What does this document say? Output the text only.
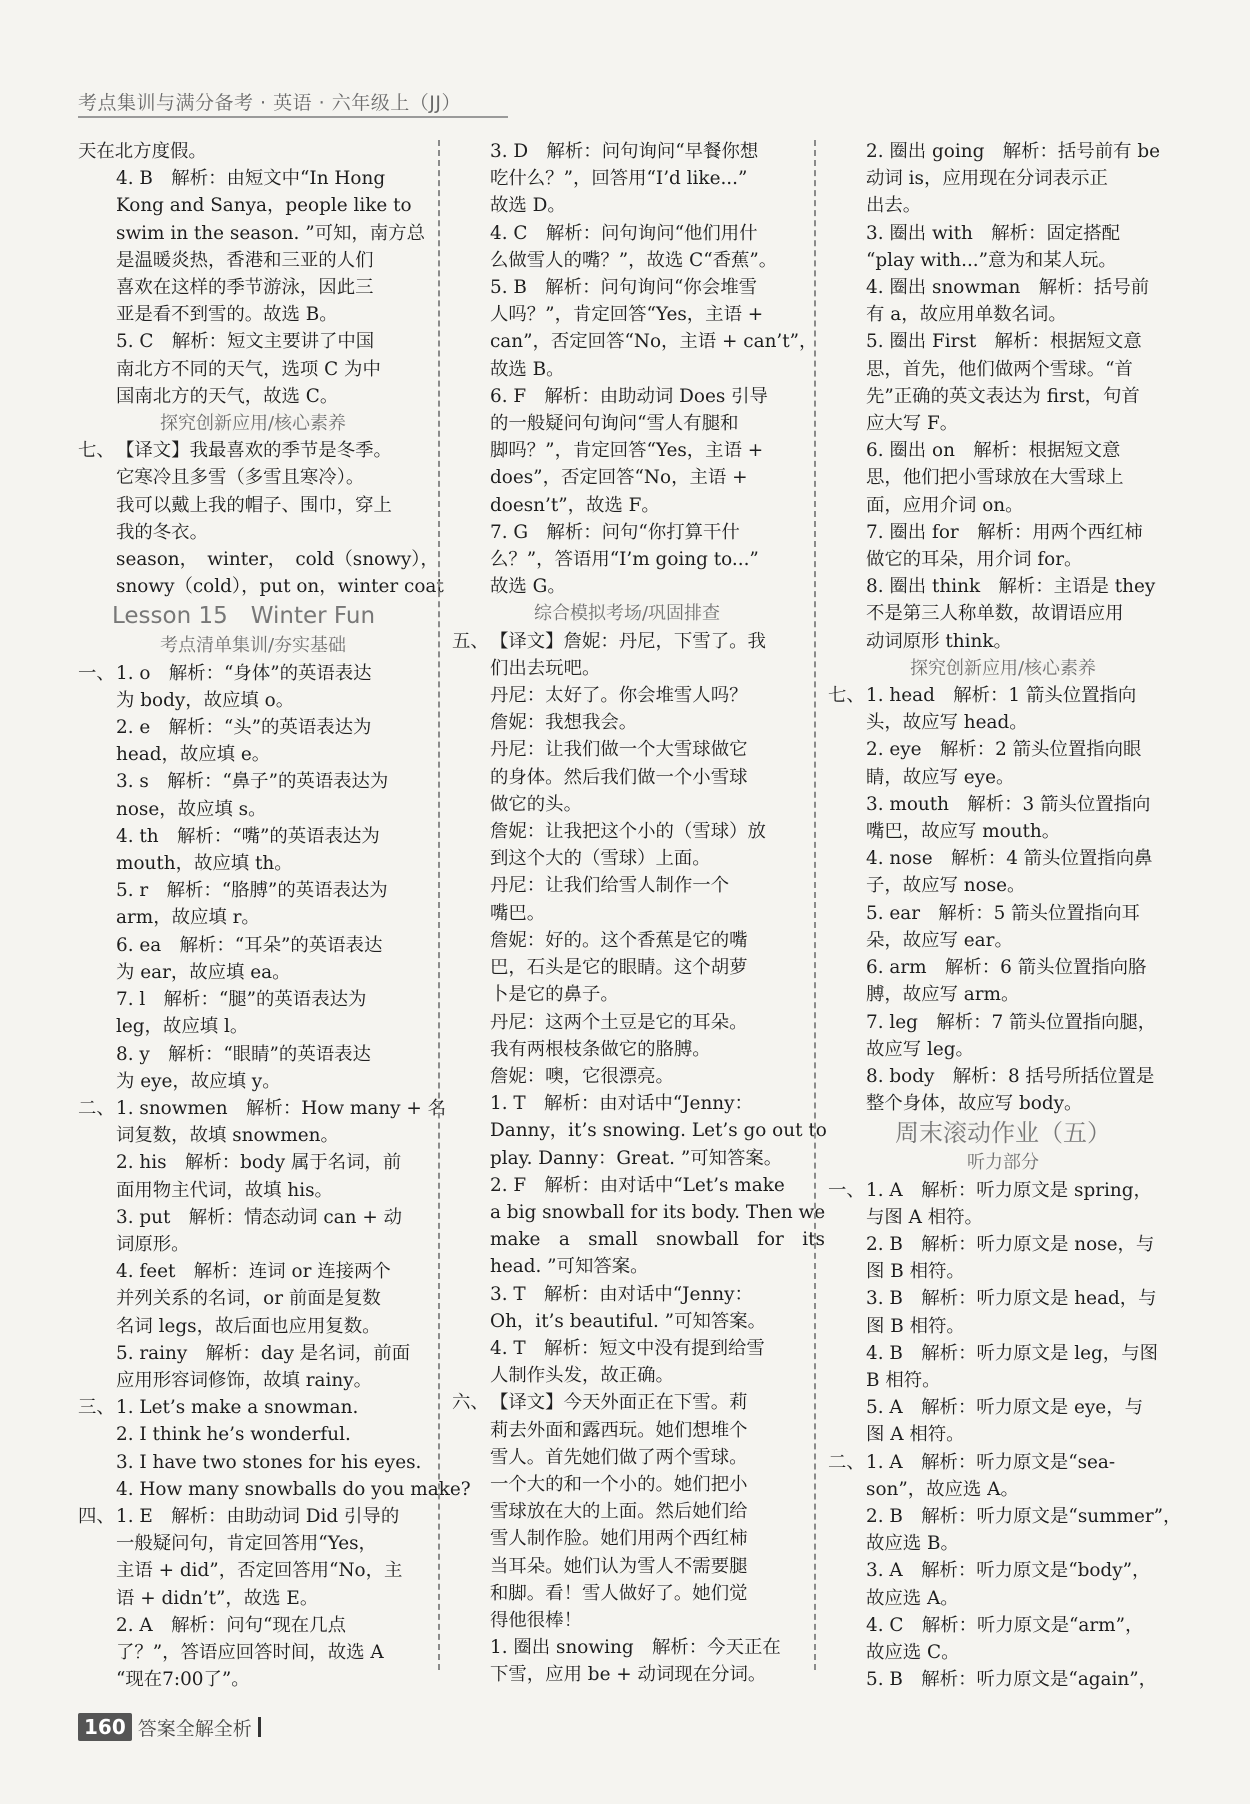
考点集训与满分备考 · 英语 · 六年级上（JJ）
天在北方度假。
4. B　解析：由短文中“In Hong
Kong and Sanya，people like to
swim in the season. ”可知，南方总
是温暖炎热，香港和三亚的人们
喜欢在这样的季节游泳，因此三
亚是看不到雪的。故选 B。
5. C　解析：短文主要讲了中国
南北方不同的天气，选项 C 为中
国南北方的天气，故选 C。
探究创新应用/核心素养
七、【译文】我最喜欢的季节是冬季。
它寒冷且多雪（多雪且寒冷）。
我可以戴上我的帽子、围巾，穿上
我的冬衣。
season，　winter，　cold（snowy），
snowy（cold），put on，winter coat
Lesson 15　Winter Fun
考点清单集训/夯实基础
一、1. o　解析：“身体”的英语表达
为 body，故应填 o。
2. e　解析：“头”的英语表达为
head，故应填 e。
3. s　解析：“鼻子”的英语表达为
nose，故应填 s。
4. th　解析：“嘴”的英语表达为
mouth，故应填 th。
5. r　解析：“胳膊”的英语表达为
arm，故应填 r。
6. ea　解析：“耳朵”的英语表达
为 ear，故应填 ea。
7. l　解析：“腿”的英语表达为
leg，故应填 l。
8. y　解析：“眼睛”的英语表达
为 eye，故应填 y。
二、1. snowmen　解析：How many + 名
词复数，故填 snowmen。
2. his　解析：body 属于名词，前
面用物主代词，故填 his。
3. put　解析：情态动词 can + 动
词原形。
4. feet　解析：连词 or 连接两个
并列关系的名词，or 前面是复数
名词 legs，故后面也应用复数。
5. rainy　解析：day 是名词，前面
应用形容词修饰，故填 rainy。
三、1. Let’s make a snowman.
2. I think he’s wonderful.
3. I have two stones for his eyes.
4. How many snowballs do you make?
四、1. E　解析：由助动词 Did 引导的
一般疑问句，肯定回答用“Yes，
主语 + did”，否定回答用“No，主
语 + didn’t”，故选 E。
2. A　解析：问句“现在几点
了？”，答语应回答时间，故选 A
“现在7:00了”。
3. D　解析：问句询问“早餐你想
吃什么？”，回答用“I’d like...”
故选 D。
4. C　解析：问句询问“他们用什
么做雪人的嘴？”，故选 C“香蕉”。
5. B　解析：问句询问“你会堆雪
人吗？”，肯定回答“Yes，主语 +
can”，否定回答“No，主语 + can’t”，
故选 B。
6. F　解析：由助动词 Does 引导
的一般疑问句询问“雪人有腿和
脚吗？”，肯定回答“Yes，主语 +
does”，否定回答“No，主语 +
doesn’t”，故选 F。
7. G　解析：问句“你打算干什
么？”，答语用“I’m going to...”
故选 G。
综合模拟考场/巩固排查
五、【译文】詹妮：丹尼，下雪了。我
们出去玩吧。
丹尼：太好了。你会堆雪人吗？
詹妮：我想我会。
丹尼：让我们做一个大雪球做它
的身体。然后我们做一个小雪球
做它的头。
詹妮：让我把这个小的（雪球）放
到这个大的（雪球）上面。
丹尼：让我们给雪人制作一个
嘴巴。
詹妮：好的。这个香蕉是它的嘴
巴，石头是它的眼睛。这个胡萝
卜是它的鼻子。
丹尼：这两个土豆是它的耳朵。
我有两根枝条做它的胳膊。
詹妮：噢，它很漂亮。
1. T　解析：由对话中“Jenny：
Danny，it’s snowing. Let’s go out to
play. Danny：Great. ”可知答案。
2. F　解析：由对话中“Let’s make
a big snowball for its body. Then we
make　a　small　snowball　for　its
head. ”可知答案。
3. T　解析：由对话中“Jenny：
Oh，it’s beautiful. ”可知答案。
4. T　解析：短文中没有提到给雪
人制作头发，故正确。
六、【译文】今天外面正在下雪。莉
莉去外面和露西玩。她们想堆个
雪人。首先她们做了两个雪球。
一个大的和一个小的。她们把小
雪球放在大的上面。然后她们给
雪人制作脸。她们用两个西红柿
当耳朵。她们认为雪人不需要腿
和脚。看！雪人做好了。她们觉
得他很棒！
1. 圈出 snowing　解析：今天正在
下雪，应用 be + 动词现在分词。
2. 圈出 going　解析：括号前有 be
动词 is，应用现在分词表示正
出去。
3. 圈出 with　解析：固定搭配
“play with...”意为和某人玩。
4. 圈出 snowman　解析：括号前
有 a，故应用单数名词。
5. 圈出 First　解析：根据短文意
思，首先，他们做两个雪球。“首
先”正确的英文表达为 first，句首
应大写 F。
6. 圈出 on　解析：根据短文意
思，他们把小雪球放在大雪球上
面，应用介词 on。
7. 圈出 for　解析：用两个西红柿
做它的耳朵，用介词 for。
8. 圈出 think　解析：主语是 they
不是第三人称单数，故谓语应用
动词原形 think。
探究创新应用/核心素养
七、1. head　解析：1 箭头位置指向
头，故应写 head。
2. eye　解析：2 箭头位置指向眼
睛，故应写 eye。
3. mouth　解析：3 箭头位置指向
嘴巴，故应写 mouth。
4. nose　解析：4 箭头位置指向鼻
子，故应写 nose。
5. ear　解析：5 箭头位置指向耳
朵，故应写 ear。
6. arm　解析：6 箭头位置指向胳
膊，故应写 arm。
7. leg　解析：7 箭头位置指向腿，
故应写 leg。
8. body　解析：8 括号所括位置是
整个身体，故应写 body。
周末滚动作业（五）
听力部分
一、1. A　解析：听力原文是 spring，
与图 A 相符。
2. B　解析：听力原文是 nose，与
图 B 相符。
3. B　解析：听力原文是 head，与
图 B 相符。
4. B　解析：听力原文是 leg，与图
B 相符。
5. A　解析：听力原文是 eye，与
图 A 相符。
二、1. A　解析：听力原文是“sea-
son”，故应选 A。
2. B　解析：听力原文是“summer”，
故应选 B。
3. A　解析：听力原文是“body”，
故应选 A。
4. C　解析：听力原文是“arm”，
故应选 C。
5. B　解析：听力原文是“again”，
160 答案全解全析
